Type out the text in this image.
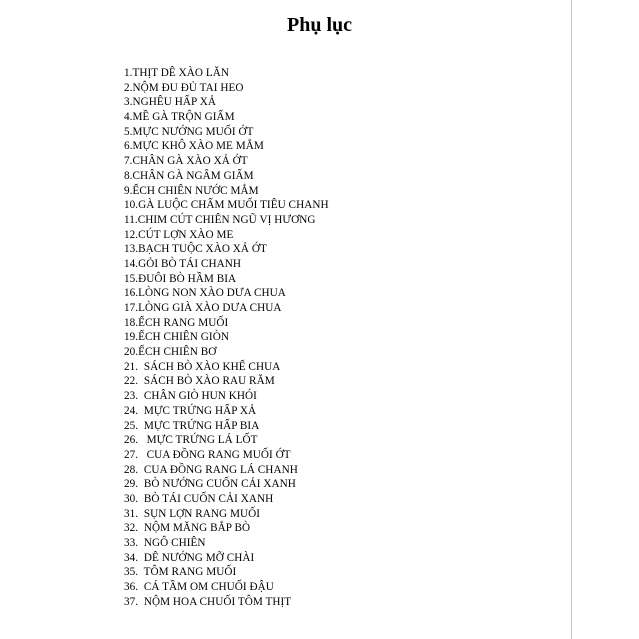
Phụ lục
1.THỊT DÊ XÀO LĂN
2.NỘM ĐU ĐỦ TAI HEO
3.NGHÊU HẤP XẢ
4.MỀ GÀ TRỘN GIẤM
5.MỰC NƯỚNG MUỐI ỚT
6.MỰC KHÔ XÀO ME MẮM
7.CHÂN GÀ XÀO XẢ ỚT
8.CHÂN GÀ NGÂM GIẤM
9.ẾCH CHIÊN NƯỚC MẮM
10.GÀ LUỘC CHẤM MUỐI TIÊU CHANH
11.CHIM CÚT CHIÊN NGŨ VỊ HƯƠNG
12.CÚT LỢN XÀO ME
13.BẠCH TUỘC XÀO XẢ ỚT
14.GỎI BÒ TÁI CHANH
15.ĐUÔI BÒ HẦM BIA
16.LÒNG NON XÀO DƯA CHUA
17.LÒNG GIÀ XÀO DƯA CHUA
18.ẾCH RANG MUỐI
19.ẾCH CHIÊN GIÒN
20.ẾCH CHIÊN BƠ
21.  SÁCH BÒ XÀO KHẾ CHUA
22.  SÁCH BÒ XÀO RAU RĂM
23.  CHÂN GIÒ HUN KHÓI
24.  MỰC TRỨNG HẤP XẢ
25.  MỰC TRỨNG HẤP BIA
26.   MỰC TRỨNG LÁ LỐT
27.   CUA ĐỒNG RANG MUỐI ỚT
28.  CUA ĐỒNG RANG LÁ CHANH
29.  BÒ NƯỚNG CUỐN CẢI XANH
30.  BÒ TÁI CUỐN CẢI XANH
31.  SỤN LỢN RANG MUỐI
32.  NỘM MĂNG BẮP BÒ
33.  NGÔ CHIÊN
34.  DÊ NƯỚNG MỠ CHÀI
35.  TÔM RANG MUỐI
36.  CÁ TẦM OM CHUỐI ĐẬU
37.  NỘM HOA CHUỐI TÔM THỊT
